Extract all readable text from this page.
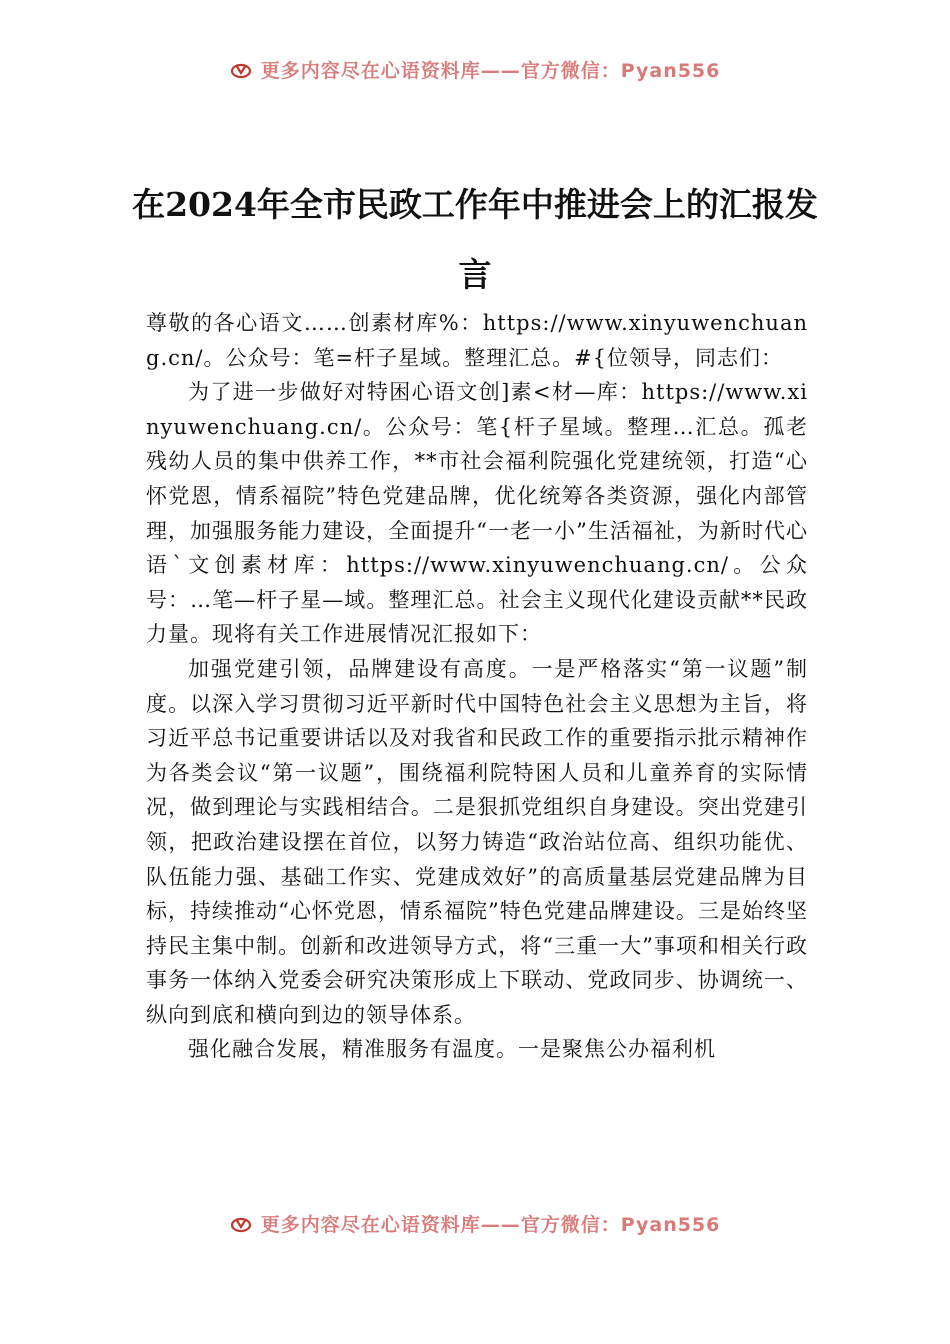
更多内容尽在心语资料库——官方微信：Pyan556
在2024年全市民政工作年中推进会上的汇报发言

尊敬的各心语文……创素材库%：https://www.xinyuwenchuang.cn/。公众号：笔=杆子星域。整理汇总。#{位领导，同志们：

为了进一步做好对特困心语文创]素<材—库：https://www.xinyuwenchuang.cn/。公众号：笔{杆子星域。整理…汇总。孤老残幼人员的集中供养工作，**市社会福利院强化党建统领，打造“心怀党恩，情系福院”特色党建品牌，优化统筹各类资源，强化内部管理，加强服务能力建设，全面提升“一老一小”生活福祉，为新时代心语`文创素材库：https://www.xinyuwenchuang.cn/。公众号：…笔—杆子星—域。整理汇总。社会主义现代化建设贡献**民政力量。现将有关工作进展情况汇报如下：

加强党建引领，品牌建设有高度。一是严格落实“第一议题”制度。以深入学习贯彻习近平新时代中国特色社会主义思想为主旨，将习近平总书记重要讲话以及对我省和民政工作的重要指示批示精神作为各类会议“第一议题”，围绕福利院特困人员和儿童养育的实际情况，做到理论与实践相结合。二是狠抓党组织自身建设。突出党建引领，把政治建设摆在首位，以努力铸造“政治站位高、组织功能优、队伍能力强、基础工作实、党建成效好”的高质量基层党建品牌为目标，持续推动“心怀党恩，情系福院”特色党建品牌建设。三是始终坚持民主集中制。创新和改进领导方式，将“三重一大”事项和相关行政事务一体纳入党委会研究决策形成上下联动、党政同步、协调统一、纵向到底和横向到边的领导体系。

强化融合发展，精准服务有温度。一是聚焦公办福利机

更多内容尽在心语资料库——官方微信：Pyan556
